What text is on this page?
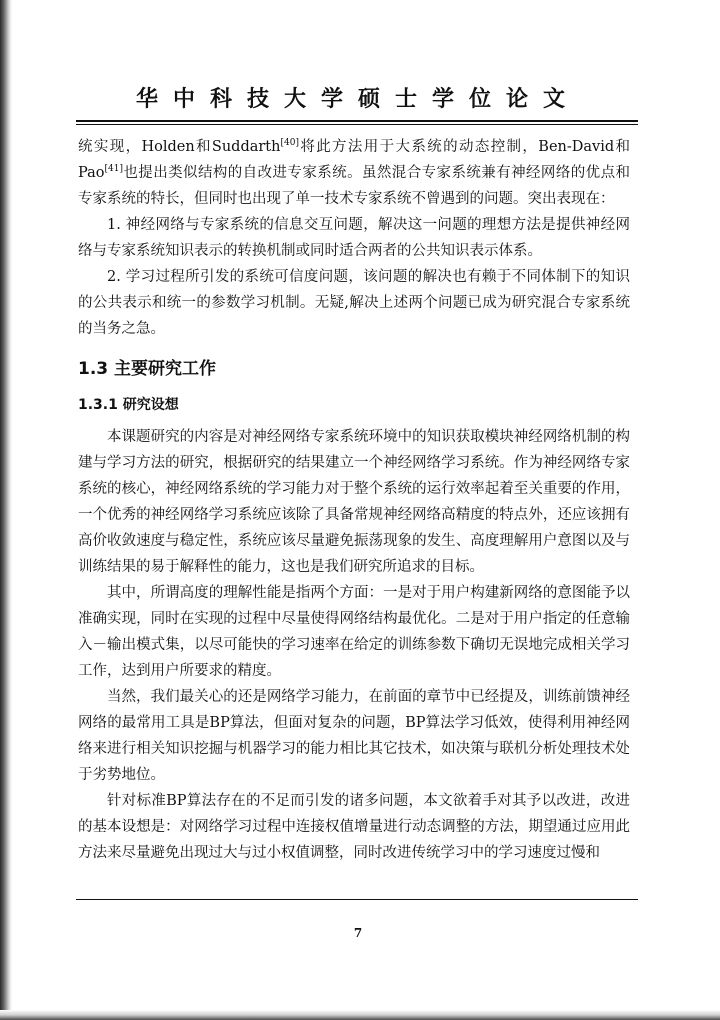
华中科技大学硕士学位论文

统实现，Holden和Suddarth[40]将此方法用于大系统的动态控制，Ben-David和Pao[41]也提出类似结构的自改进专家系统。虽然混合专家系统兼有神经网络的优点和专家系统的特长，但同时也出现了单一技术专家系统不曾遇到的问题。突出表现在：

1. 神经网络与专家系统的信息交互问题，解决这一问题的理想方法是提供神经网络与专家系统知识表示的转换机制或同时适合两者的公共知识表示体系。

2. 学习过程所引发的系统可信度问题，该问题的解决也有赖于不同体制下的知识的公共表示和统一的参数学习机制。无疑,解决上述两个问题已成为研究混合专家系统的当务之急。

1.3 主要研究工作
1.3.1 研究设想

本课题研究的内容是对神经网络专家系统环境中的知识获取模块神经网络机制的构建与学习方法的研究，根据研究的结果建立一个神经网络学习系统。作为神经网络专家系统的核心，神经网络系统的学习能力对于整个系统的运行效率起着至关重要的作用，一个优秀的神经网络学习系统应该除了具备常规神经网络高精度的特点外，还应该拥有高价收敛速度与稳定性，系统应该尽量避免振荡现象的发生、高度理解用户意图以及与训练结果的易于解释性的能力，这也是我们研究所追求的目标。

其中，所谓高度的理解性能是指两个方面：一是对于用户构建新网络的意图能予以准确实现，同时在实现的过程中尽量使得网络结构最优化。二是对于用户指定的任意输入－输出模式集，以尽可能快的学习速率在给定的训练参数下确切无误地完成相关学习工作，达到用户所要求的精度。

当然，我们最关心的还是网络学习能力，在前面的章节中已经提及，训练前馈神经网络的最常用工具是BP算法，但面对复杂的问题，BP算法学习低效，使得利用神经网络来进行相关知识挖掘与机器学习的能力相比其它技术，如决策与联机分析处理技术处于劣势地位。

针对标准BP算法存在的不足而引发的诸多问题，本文欲着手对其予以改进，改进的基本设想是：对网络学习过程中连接权值增量进行动态调整的方法，期望通过应用此方法来尽量避免出现过大与过小权值调整，同时改进传统学习中的学习速度过慢和

7
